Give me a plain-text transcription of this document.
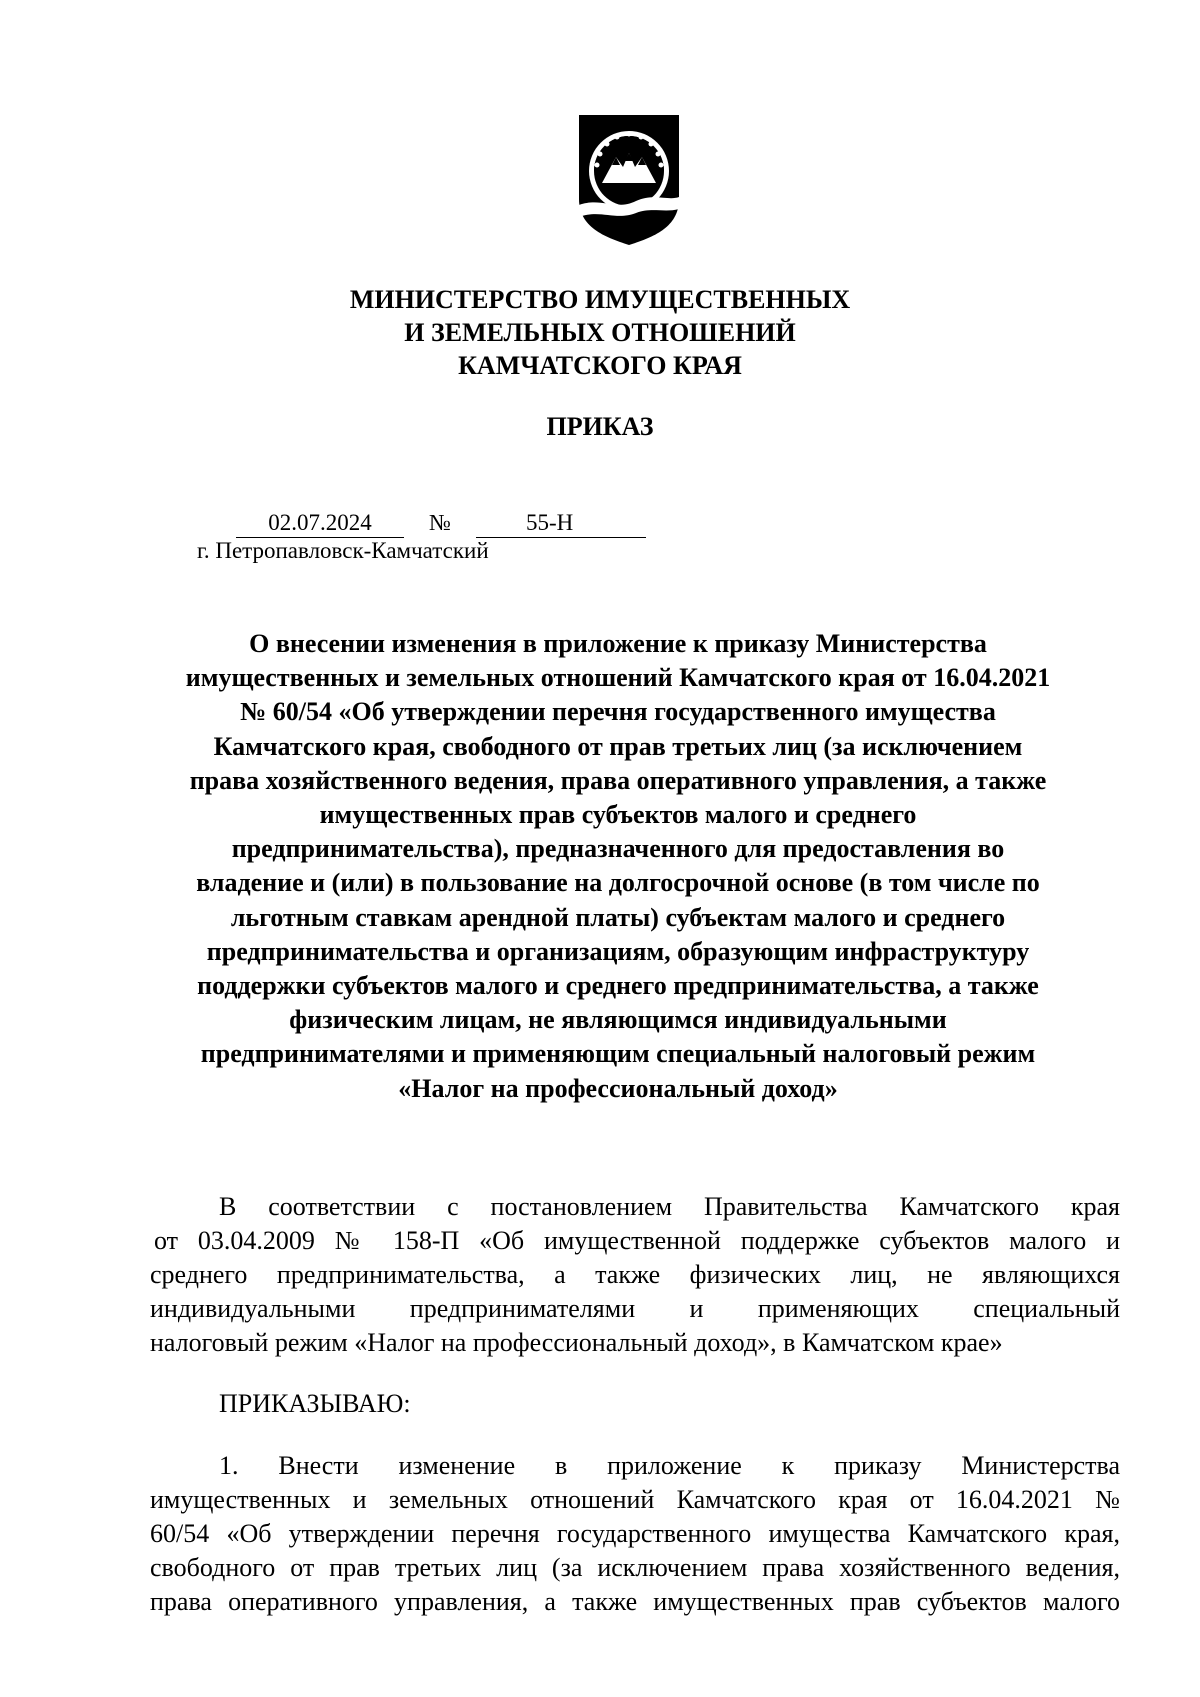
МИНИСТЕРСТВО ИМУЩЕСТВЕННЫХ
И ЗЕМЕЛЬНЫХ ОТНОШЕНИЙ
КАМЧАТСКОГО КРАЯ
ПРИКАЗ
02.07.2024	№	55-Н
г. Петропавловск-Камчатский
О внесении изменения в приложение к приказу Министерства
имущественных и земельных отношений Камчатского края от 16.04.2021
№ 60/54 «Об утверждении перечня государственного имущества
Камчатского края, свободного от прав третьих лиц (за исключением
права хозяйственного ведения, права оперативного управления, а также
имущественных прав субъектов малого и среднего
предпринимательства), предназначенного для предоставления во
владение и (или) в пользование на долгосрочной основе (в том числе по
льготным ставкам арендной платы) субъектам малого и среднего
предпринимательства и организациям, образующим инфраструктуру
поддержки субъектов малого и среднего предпринимательства, а также
физическим лицам, не являющимся индивидуальными
предпринимателями и применяющим специальный налоговый режим
«Налог на профессиональный доход»
В соответствии с постановлением Правительства Камчатского края
от 03.04.2009 № 158-П «Об имущественной поддержке субъектов малого и
среднего предпринимательства, а также физических лиц, не являющихся
индивидуальными предпринимателями и применяющих специальный
налоговый режим «Налог на профессиональный доход», в Камчатском крае»
ПРИКАЗЫВАЮ:
1. Внести изменение в приложение к приказу Министерства
имущественных и земельных отношений Камчатского края от 16.04.2021 №
60/54 «Об утверждении перечня государственного имущества Камчатского края,
свободного от прав третьих лиц (за исключением права хозяйственного ведения,
права оперативного управления, а также имущественных прав субъектов малого
